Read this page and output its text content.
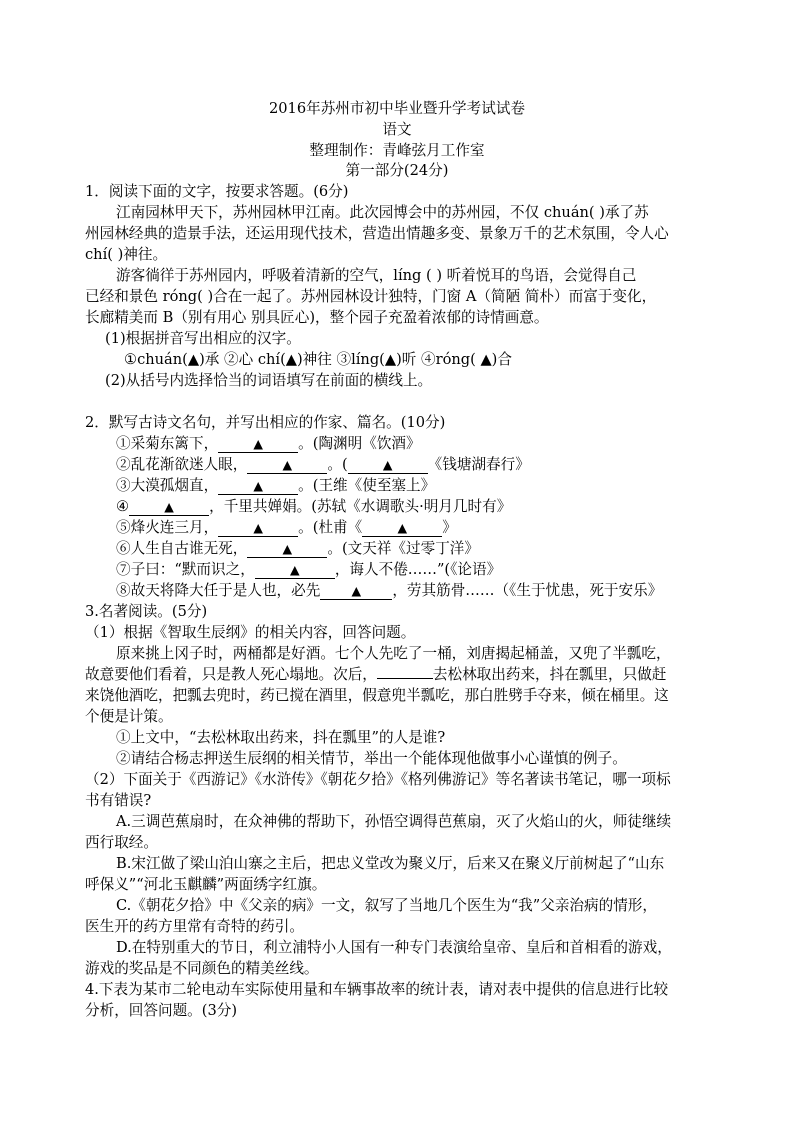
2016年苏州市初中毕业暨升学考试试卷
语文
整理制作：青峰弦月工作室
第一部分(24分)
1．阅读下面的文字，按要求答题。(6分)
江南园林甲天下，苏州园林甲江南。此次园博会中的苏州园，不仅 chuán( )承了苏
州园林经典的造景手法，还运用现代技术，营造出情趣多变、景象万千的艺术氛围，令人心
chí( )神往。
游客徜徉于苏州园内，呼吸着清新的空气，líng ( ) 听着悦耳的鸟语，会觉得自己
已经和景色 róng( )合在一起了。苏州园林设计独特，门窗 A（简陋 简朴）而富于变化，
长廊精美而 B（别有用心 别具匠心)，整个园子充盈着浓郁的诗情画意。
(1)根据拼音写出相应的汉字。
①chuán(▲)承 ②心 chí(▲)神往 ③líng(▲)听 ④róng( ▲)合
(2)从括号内选择恰当的词语填写在前面的横线上。
2．默写古诗文名句，并写出相应的作家、篇名。(10分)
①采菊东篱下，	▲ 。(陶渊明《饮酒》
②乱花渐欲迷人眼，	▲ 。(	▲ 《钱塘湖春行》
③大漠孤烟直，	▲ 。(王维《使至塞上》
④	▲ ，千里共婵娟。(苏轼《水调歌头·明月几时有》
⑤烽火连三月，	▲ 。(杜甫《	▲ 》
⑥人生自古谁无死，	▲ 。(文天祥《过零丁洋》
⑦子曰：“默而识之，	▲ ，诲人不倦……”(《论语》
⑧故天将降大任于是人也，必先 ▲ ，劳其筋骨……（《生于忧患，死于安乐》
3.名著阅读。(5分)
（1）根据《智取生辰纲》的相关内容，回答问题。
原来挑上冈子时，两桶都是好酒。七个人先吃了一桶，刘唐揭起桶盖，又兜了半瓢吃，
故意要他们看着，只是教人死心塌地。次后，	去松林取出药来，抖在瓢里，只做赶
来饶他酒吃，把瓢去兜时，药已搅在酒里，假意兜半瓢吃，那白胜劈手夺来，倾在桶里。这
个便是计策。
①上文中，“去松林取出药来，抖在瓢里”的人是谁?
②请结合杨志押送生辰纲的相关情节，举出一个能体现他做事小心谨慎的例子。
（2）下面关于《西游记》《水浒传》《朝花夕拾》《格列佛游记》等名著读书笔记，哪一项标
书有错误?
A.三调芭蕉扇时，在众神佛的帮助下，孙悟空调得芭蕉扇，灭了火焰山的火，师徒继续
西行取经。
B.宋江做了梁山泊山寨之主后，把忠义堂改为聚义厅，后来又在聚义厅前树起了“山东
呼保义”“河北玉麒麟”两面绣字红旗。
C.《朝花夕拾》中《父亲的病》一文，叙写了当地几个医生为“我”父亲治病的情形，
医生开的药方里常有奇特的药引。
D.在特别重大的节日，利立浦特小人国有一种专门表演给皇帝、皇后和首相看的游戏，
游戏的奖品是不同颜色的精美丝线。
4.下表为某市二轮电动车实际使用量和车辆事故率的统计表，请对表中提供的信息进行比较
分析，回答问题。(3分)
